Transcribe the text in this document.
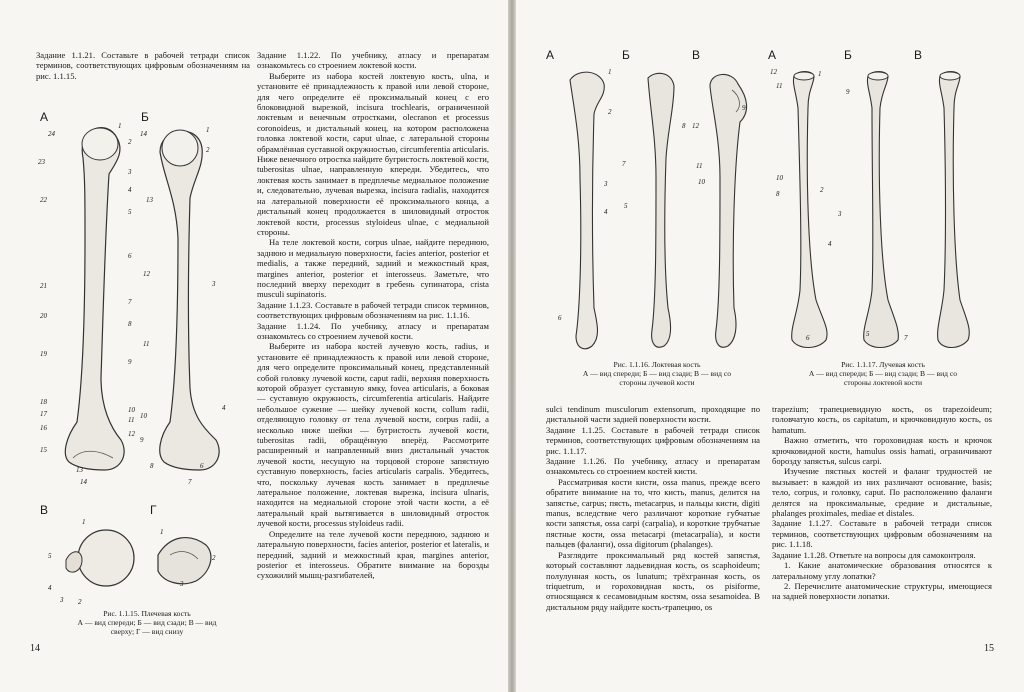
Задание 1.1.21. Составьте в рабочей тетради список терминов, соответствующих цифровым обозначениям на рис. 1.1.15.

А	Б
В	Г
24
1
2
23
3
4
22
5
6
21
7
20
8
19
9
18
17
16
15
10
11
12
13
14
14	1
2
13
12
3
11
4
10
9
8	6
7
1
5
4
3 2
1
2
3
Рис. 1.1.15. Плечевая кость
А — вид спереди; Б — вид сзади; В — вид сверху; Г — вид снизу

Задание 1.1.22. По учебнику, атласу и препаратам ознакомьтесь со строением локтевой кости.

Выберите из набора костей локтевую кость, ulna, и установите её принадлежность к правой или левой стороне, для чего определите её проксимальный конец с его блоковидной вырезкой, incisura trochlearis, ограниченной локтевым и венечным отростками, olecranon et processus coronoideus, и дистальный конец, на котором расположена головка локтевой кости, caput ulnae, с латеральной стороны обрамлённая суставной окружностью, circumferentia articularis. Ниже венечного отростка найдите бугристость локтевой кости, tuberositas ulnae, направленную кпереди. Убедитесь, что локтевая кость занимает в предплечье медиальное положение и, следовательно, лучевая вырезка, incisura radialis, находится на латеральной поверхности её проксимального конца, а дистальный конец продолжается в шиловидный отросток локтевой кости, processus styloideus ulnae, с медиальной стороны.

На теле локтевой кости, corpus ulnae, найдите переднюю, заднюю и медиальную поверхности, facies anterior, posterior et medialis, а также передний, задний и межкостный края, margines anterior, posterior et interosseus. Заметьте, что последний вверху переходит в гребень супинатора, crista musculi supinatoris.

Задание 1.1.23. Составьте в рабочей тетради список терминов, соответствующих цифровым обозначениям на рис. 1.1.16.

Задание 1.1.24. По учебнику, атласу и препаратам ознакомьтесь со строением лучевой кости.

Выберите из набора костей лучевую кость, radius, и установите её принадлежность к правой или левой стороне, для чего определите проксимальный конец, представленный собой головку лучевой кости, caput radii, верхняя поверхность которой образует суставную ямку, fovea articularis, а боковая — суставную окружность, circumferentia articularis. Найдите небольшое сужение — шейку лучевой кости, collum radii, отделяющую головку от тела лучевой кости, corpus radii, а несколько ниже шейки — бугристость лучевой кости, tuberositas radii, обращённую вперёд. Рассмотрите расширенный и направленный вниз дистальный участок лучевой кости, несущую на торцовой стороне запястную суставную поверхность, facies articularis carpalis. Убедитесь, что, поскольку лучевая кость занимает в предплечье латеральное положение, локтевая вырезка, incisura ulnaris, находится на медиальной стороне этой части кости, а её латеральный край вытягивается в шиловидный отросток лучевой кости, processus styloideus radii.

Определите на теле лучевой кости переднюю, заднюю и латеральную поверхности, facies anterior, posterior et lateralis, и передний, задний и межкостный края, margines anterior, posterior et interosseus. Обратите внимание на борозды сухожилий мышц-разгибателей,

14
А	Б	В	А	Б	В
1
2
3
4
5
6
7
8
9
10
11
12
1
2
3
4
5
6	7
8
9
10
11
12
Рис. 1.1.16. Локтевая кость
А — вид спереди; Б — вид сзади; В — вид со стороны лучевой кости
Рис. 1.1.17. Лучевая кость
А — вид спереди; Б — вид сзади; В — вид со стороны локтевой кости

sulci tendinum musculorum extensorum, проходящие по дистальной части задней поверхности кости.

Задание 1.1.25. Составьте в рабочей тетради список терминов, соответствующих цифровым обозначениям на рис. 1.1.17.

Задание 1.1.26. По учебнику, атласу и препаратам ознакомьтесь со строением костей кисти.

Рассматривая кости кисти, ossa manus, прежде всего обратите внимание на то, что кисть, manus, делится на запястье, carpus; пясть, metacarpus, и пальцы кисти, digiti manus, вследствие чего различают короткие губчатые кости запястья, ossa carpi (carpalia), и короткие трубчатые пястные кости, ossa metacarpi (metacarpalia), и кости пальцев (фаланги), ossa digitorum (phalanges).

Разглядите проксимальный ряд костей запястья, который составляют ладьевидная кость, os scaphoideum; полулунная кость, os lunatum; трёхгранная кость, os triquetrum, и гороховидная кость, os pisiforme, относящаяся к сесамовидным костям, ossa sesamoidea. В дистальном ряду найдите кость-трапецию, os

trapezium; трапециевидную кость, os trapezoideum; головчатую кость, os capitatum, и крючковидную кость, os hamatum.

Важно отметить, что гороховидная кость и крючок крючковидной кости, hamulus ossis hamati, ограничивают борозду запястья, sulcus carpi.

Изучение пястных костей и фаланг трудностей не вызывает: в каждой из них различают основание, basis; тело, corpus, и головку, caput. По расположению фаланги делятся на проксимальные, средние и дистальные, phalanges proximales, mediae et distales.

Задание 1.1.27. Составьте в рабочей тетради список терминов, соответствующих цифровым обозначениям на рис. 1.1.18.

Задание 1.1.28. Ответьте на вопросы для самоконтроля.

1. Какие анатомические образования относятся к латеральному углу лопатки?

2. Перечислите анатомические структуры, имеющиеся на задней поверхности лопатки.

15
